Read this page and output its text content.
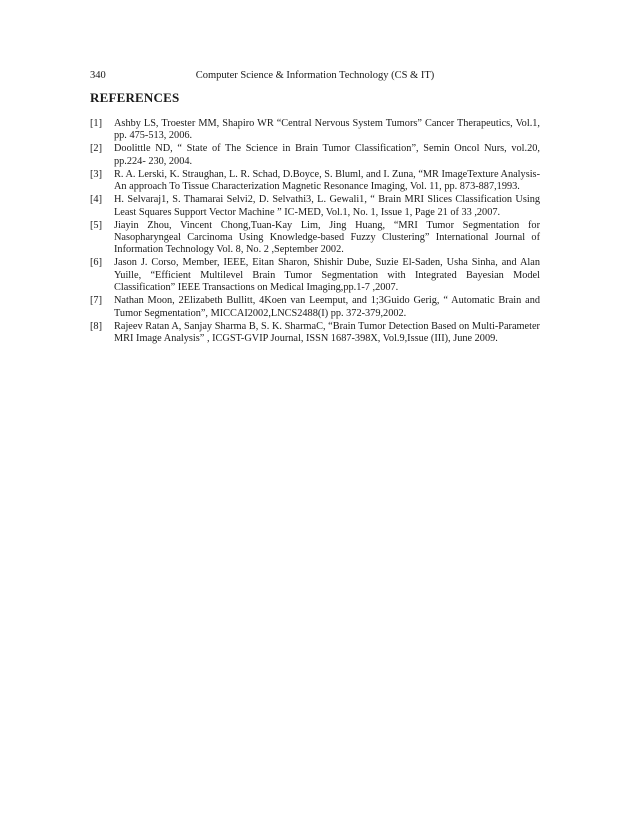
340	Computer Science & Information Technology (CS & IT)
REFERENCES
[1]	Ashby LS, Troester MM, Shapiro WR “Central Nervous System Tumors” Cancer Therapeutics, Vol.1, pp. 475-513, 2006.
[2]	Doolittle ND, “ State of The Science in Brain Tumor Classification”, Semin Oncol Nurs, vol.20, pp.224- 230, 2004.
[3]	R. A. Lerski, K. Straughan, L. R. Schad, D.Boyce, S. Bluml, and I. Zuna, “MR ImageTexture Analysis- An approach To Tissue Characterization Magnetic Resonance Imaging, Vol. 11, pp. 873-887,1993.
[4]	H. Selvaraj1, S. Thamarai Selvi2, D. Selvathi3, L. Gewali1, “ Brain MRI Slices Classification Using Least Squares Support Vector Machine ” IC-MED, Vol.1, No. 1, Issue 1, Page 21 of 33 ,2007.
[5]	Jiayin Zhou, Vincent Chong,Tuan-Kay Lim, Jing Huang, “MRI Tumor Segmentation for Nasopharyngeal Carcinoma Using Knowledge-based Fuzzy Clustering” International Journal of Information Technology Vol. 8, No. 2 ,September 2002.
[6]	Jason J. Corso, Member, IEEE, Eitan Sharon, Shishir Dube, Suzie El-Saden, Usha Sinha, and Alan Yuille, “Efficient Multilevel Brain Tumor Segmentation with Integrated Bayesian Model Classification” IEEE Transactions on Medical Imaging,pp.1-7 ,2007.
[7]	Nathan Moon, 2Elizabeth Bullitt, 4Koen van Leemput, and 1;3Guido Gerig, “ Automatic Brain and Tumor Segmentation”, MICCAI2002,LNCS2488(I) pp. 372-379,2002.
[8]	Rajeev Ratan A, Sanjay Sharma B, S. K. SharmaC, “Brain Tumor Detection Based on Multi-Parameter MRI Image Analysis” , ICGST-GVIP Journal, ISSN 1687-398X, Vol.9,Issue (III), June 2009.
